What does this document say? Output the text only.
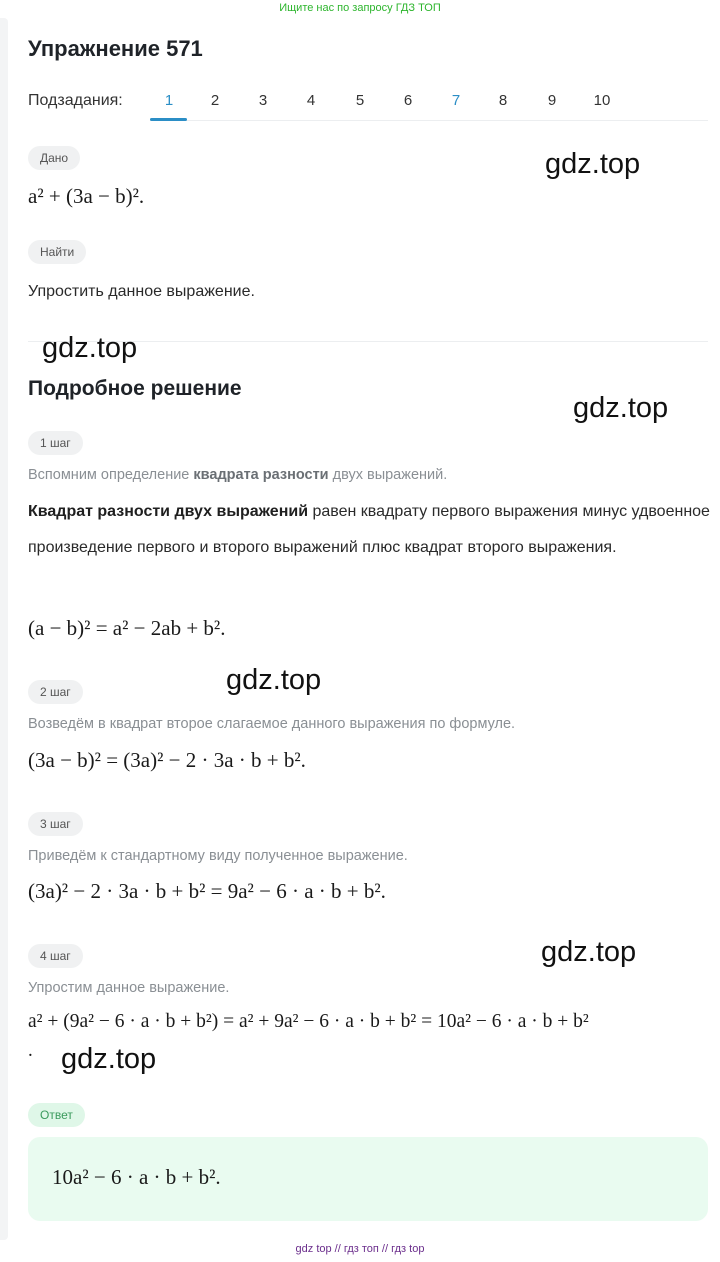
Ищите нас по запросу ГДЗ ТОП
Упражнение 571
Подзадания:	1	2	3	4	5	6	7	8	9	10
Дано
a² + (3a − b)².
Найти
Упростить данное выражение.
Подробное решение
1 шаг
Вспомним определение квадрата разности двух выражений.
Квадрат разности двух выражений равен квадрату первого выражения минус удвоенное произведение первого и второго выражений плюс квадрат второго выражения.
(a − b)² = a² − 2ab + b².
2 шаг
Возведём в квадрат второе слагаемое данного выражения по формуле.
(3a − b)² = (3a)² − 2 · 3a · b + b².
3 шаг
Приведём к стандартному виду полученное выражение.
(3a)² − 2 · 3a · b + b² = 9a² − 6 · a · b + b².
4 шаг
Упростим данное выражение.
a² + (9a² − 6 · a · b + b²) = a² + 9a² − 6 · a · b + b² = 10a² − 6 · a · b + b²
.
Ответ
10a² − 6 · a · b + b².
gdz.top
gdz.top
gdz.top
gdz.top
gdz.top
gdz.top
gdz top // гдз топ // гдз top
